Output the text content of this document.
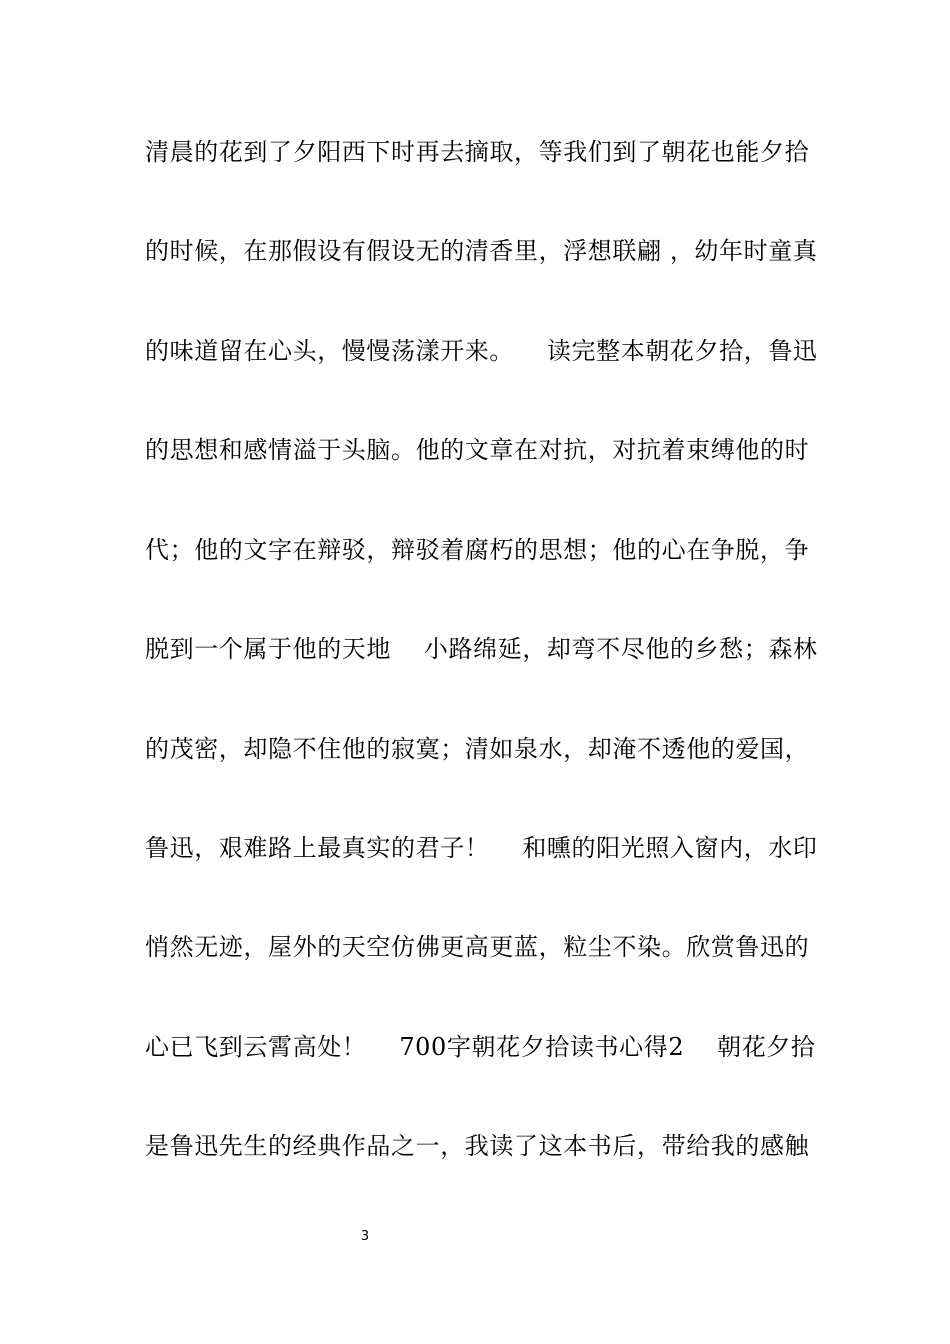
清晨的花到了夕阳西下时再去摘取，等我们到了朝花也能夕拾
的时候，在那假设有假设无的清香里，浮想联翩 ，幼年时童真
的味道留在心头，慢慢荡漾开来。    读完整本朝花夕拾，鲁迅
的思想和感情溢于头脑。他的文章在对抗，对抗着束缚他的时
代；他的文字在辩驳，辩驳着腐朽的思想；他的心在争脱，争
脱到一个属于他的天地    小路绵延，却弯不尽他的乡愁；森林
的茂密，却隐不住他的寂寞；清如泉水，却淹不透他的爱国，
鲁迅，艰难路上最真实的君子！    和曛的阳光照入窗内，水印
悄然无迹，屋外的天空仿佛更高更蓝，粒尘不染。欣赏鲁迅的
心已飞到云霄高处！    700字朝花夕拾读书心得2    朝花夕拾
是鲁迅先生的经典作品之一，我读了这本书后，带给我的感触
3
